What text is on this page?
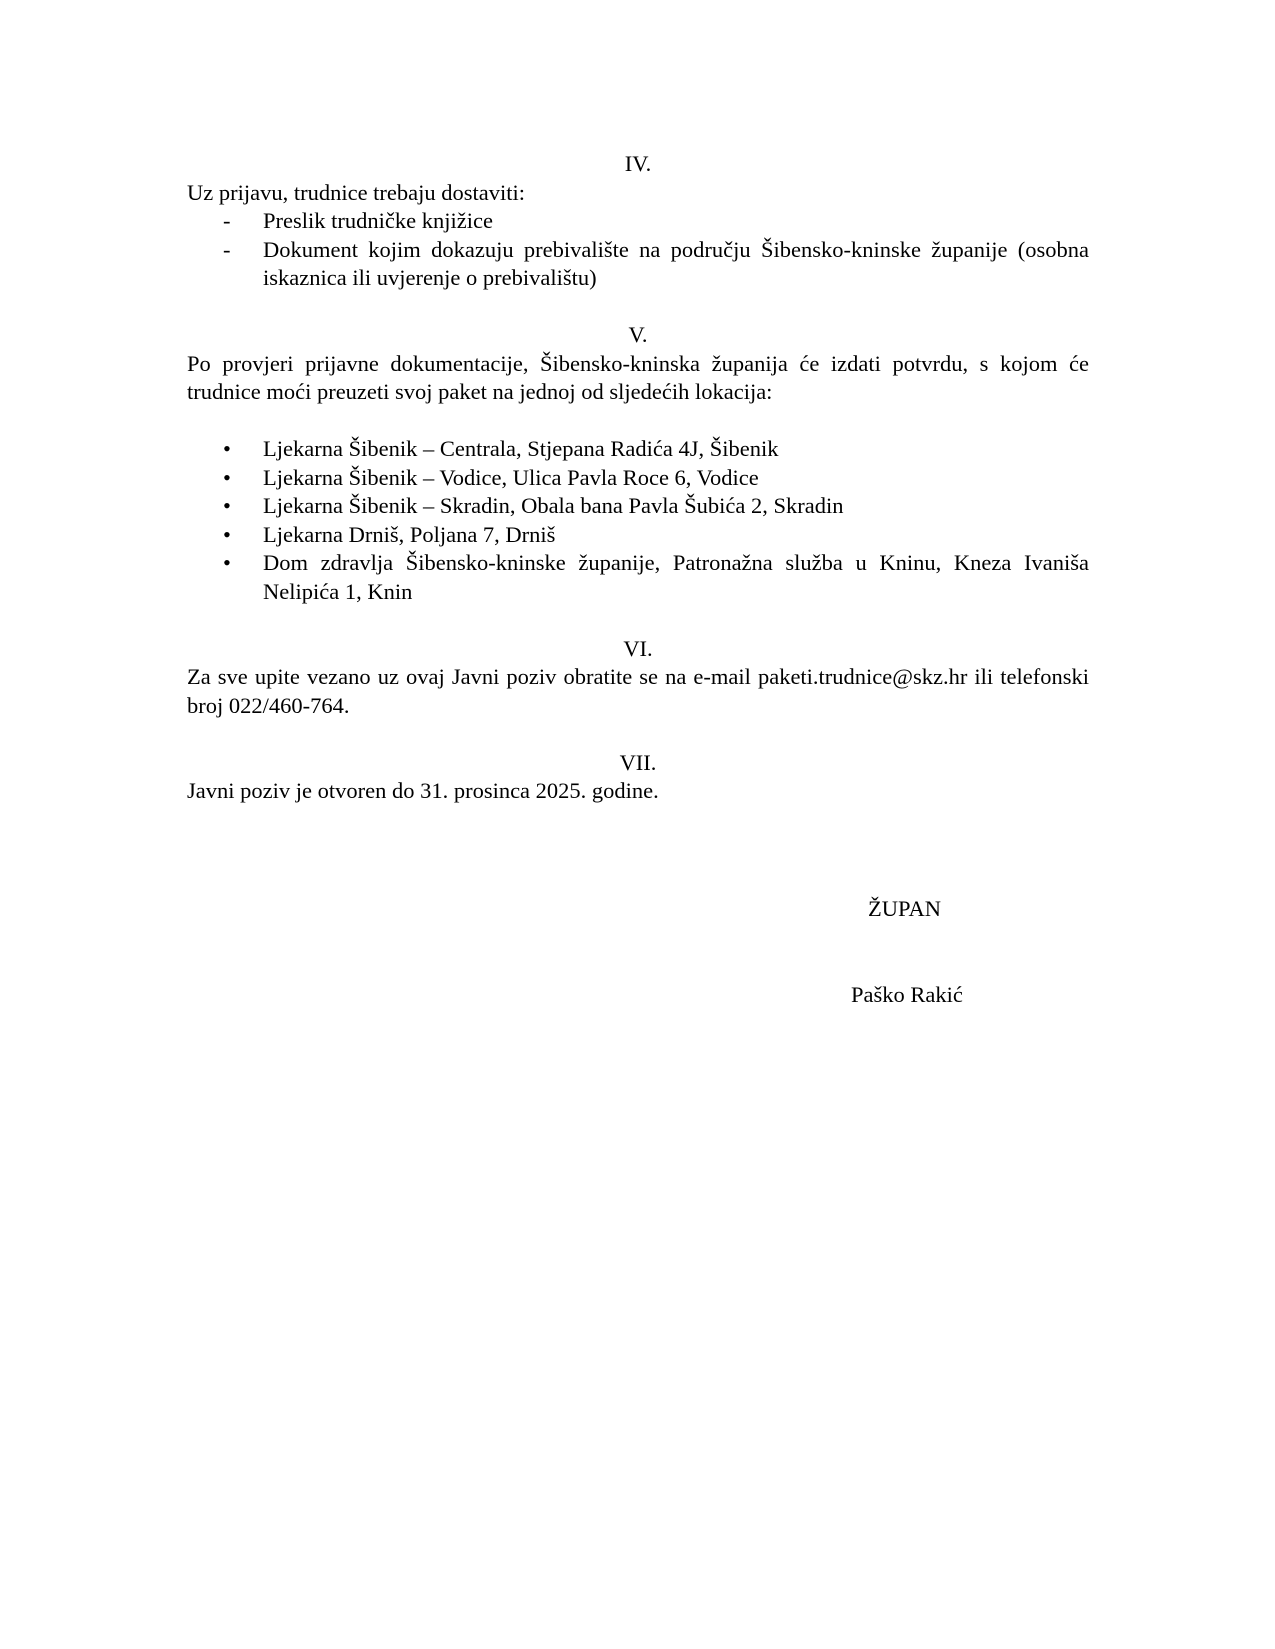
IV.

Uz prijavu, trudnice trebaju dostaviti:

- Preslik trudničke knjižice
- Dokument kojim dokazuju prebivalište na području Šibensko-kninske županije (osobna iskaznica ili uvjerenje o prebivalištu)

V.

Po provjeri prijavne dokumentacije, Šibensko-kninska županija će izdati potvrdu, s kojom će trudnice moći preuzeti svoj paket na jednoj od sljedećih lokacija:

• Ljekarna Šibenik – Centrala, Stjepana Radića 4J, Šibenik
• Ljekarna Šibenik – Vodice, Ulica Pavla Roce 6, Vodice
• Ljekarna Šibenik – Skradin, Obala bana Pavla Šubića 2, Skradin
• Ljekarna Drniš, Poljana 7, Drniš
• Dom zdravlja Šibensko-kninske županije, Patronažna služba u Kninu, Kneza Ivaniša Nelipića 1, Knin

VI.

Za sve upite vezano uz ovaj Javni poziv obratite se na e-mail paketi.trudnice@skz.hr ili telefonski broj 022/460-764.

VII.

Javni poziv je otvoren do 31. prosinca 2025. godine.

ŽUPAN
Paško Rakić
